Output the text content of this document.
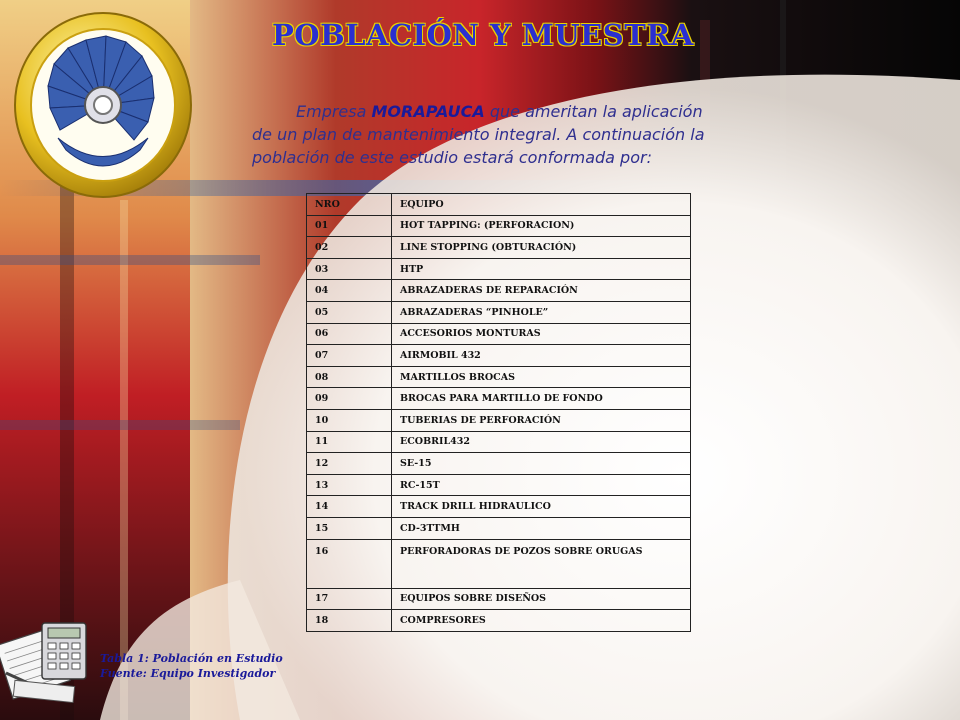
POBLACIÓN Y MUESTRA
Empresa MORAPAUCA que ameritan la aplicación de un plan de mantenimiento integral. A continuación la población de este estudio estará conformada por:
NRO	EQUIPO
01	HOT TAPPING: (PERFORACION)
02	LINE STOPPING (OBTURACIÓN)
03	HTP
04	ABRAZADERAS DE REPARACIÓN
05	ABRAZADERAS “PINHOLE”
06	ACCESORIOS MONTURAS
07	AIRMOBIL 432
08	MARTILLOS BROCAS
09	BROCAS PARA MARTILLO DE FONDO
10	TUBERIAS DE PERFORACIÓN
11	ECOBRIL432
12	SE-15
13	RC-15T
14	TRACK DRILL HIDRAULICO
15	CD-3TTMH
16	PERFORADORAS DE POZOS SOBRE ORUGAS
17	EQUIPOS SOBRE DISEÑOS
18	COMPRESORES
Tabla 1: Población en Estudio
Fuente: Equipo Investigador
